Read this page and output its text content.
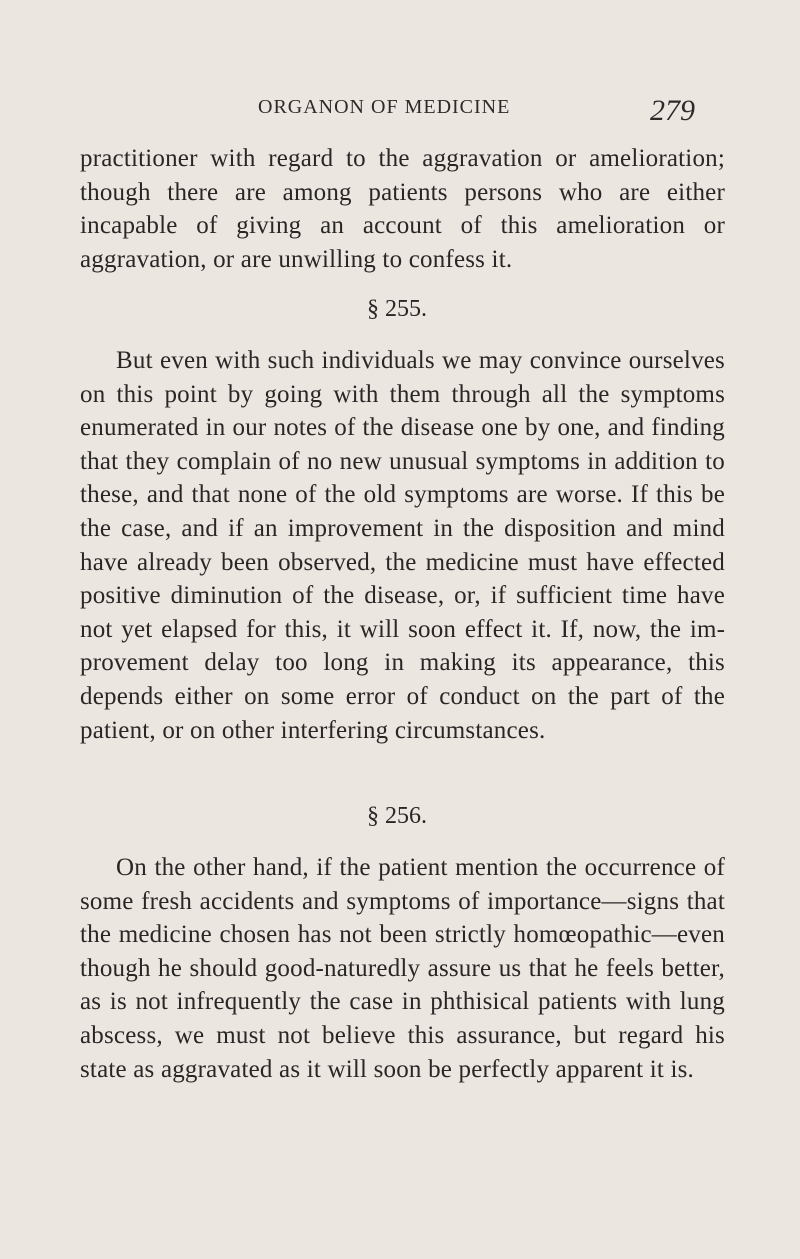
ORGANON OF MEDICINE	279

practitioner with regard to the aggravation or amelioration; though there are among patients persons who are either incapable of giving an account of this amelioration or aggravation, or are unwilling to confess it.

§ 255.

But even with such individuals we may convince ourselves on this point by going with them through all the symptoms enumerated in our notes of the disease one by one, and finding that they complain of no new unusual symptoms in addition to these, and that none of the old symptoms are worse. If this be the case, and if an improvement in the disposition and mind have already been observed, the medicine must have effected positive diminution of the disease, or, if sufficient time have not yet elapsed for this, it will soon effect it. If, now, the improvement delay too long in making its appearance, this depends either on some error of conduct on the part of the patient, or on other interfering circumstances.

§ 256.

On the other hand, if the patient mention the occurrence of some fresh accidents and symptoms of importance—signs that the medicine chosen has not been strictly homœopathic—even though he should good-naturedly assure us that he feels better, as is not infrequently the case in phthisical patients with lung abscess, we must not believe this assurance, but regard his state as aggravated as it will soon be perfectly apparent it is.
